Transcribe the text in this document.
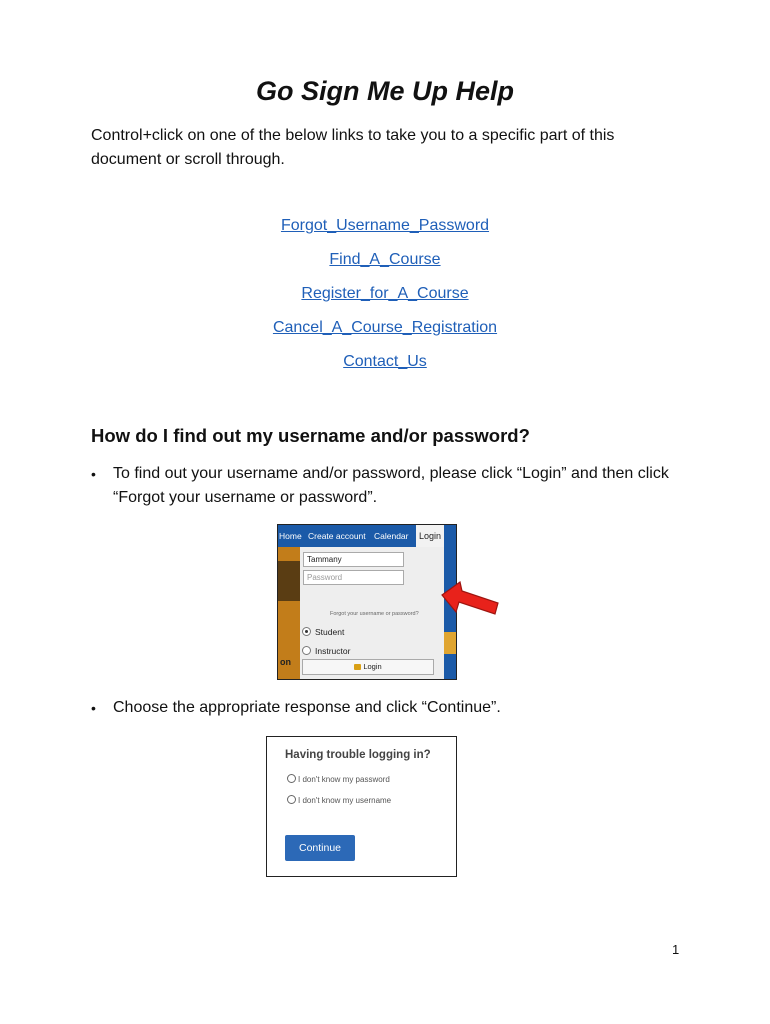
Go Sign Me Up Help
Control+click on one of the below links to take you to a specific part of this document or scroll through.
Forgot_Username_Password
Find_A_Course
Register_for_A_Course
Cancel_A_Course_Registration
Contact_Us
How do I find out my username and/or password?
• To find out your username and/or password, please click “Login” and then click “Forgot your username or password”.
Home Create account Calendar	Login
on
Tammany
Password
Forgot your username or password?
Student
Instructor
Login
• Choose the appropriate response and click “Continue”.
Having trouble logging in?
I don't know my password
I don't know my username
Continue
1
